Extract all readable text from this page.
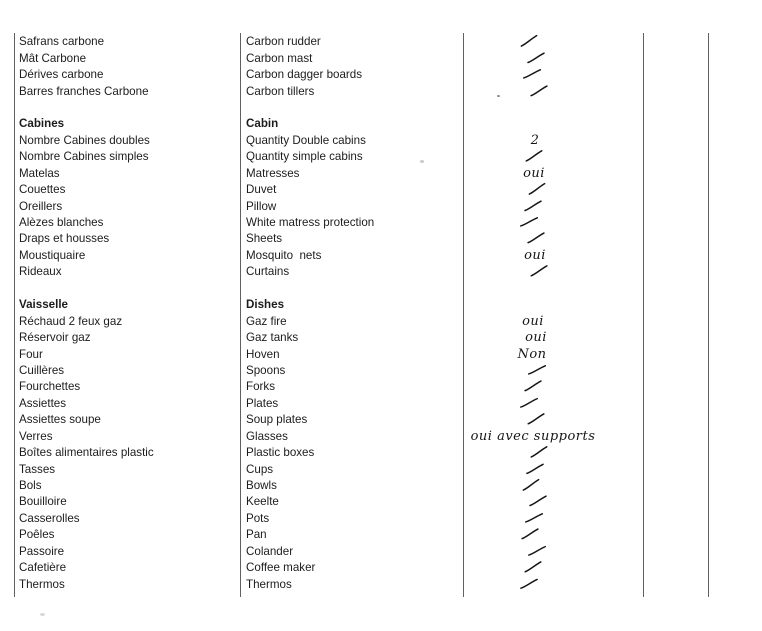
Safrans carbone	Carbon rudder

Mât Carbone	Carbon mast

Dérives carbone	Carbon dagger boards

Barres franches Carbone	Carbon tillers

Cabines	Cabin
Nombre Cabines doubles	Quantity Double cabins	2
Nombre Cabines simples	Quantity simple cabins

Matelas	Matresses	oui
Couettes	Duvet

Oreillers	Pillow

Alèzes blanches	White matress protection

Draps et housses	Sheets

Moustiquaire	Mosquito  nets	oui
Rideaux	Curtains

Vaisselle	Dishes
Réchaud 2 feux gaz	Gaz fire	oui
Réservoir gaz	Gaz tanks	oui
Four	Hoven	Non
Cuillères	Spoons

Fourchettes	Forks

Assiettes	Plates

Assiettes soupe	Soup plates

Verres	Glasses	oui avec supports
Boîtes alimentaires plastic	Plastic boxes

Tasses	Cups

Bols	Bowls

Bouilloire	Keelte

Casserolles	Pots

Poêles	Pan

Passoire	Colander

Cafetière	Coffee maker

Thermos	Thermos
